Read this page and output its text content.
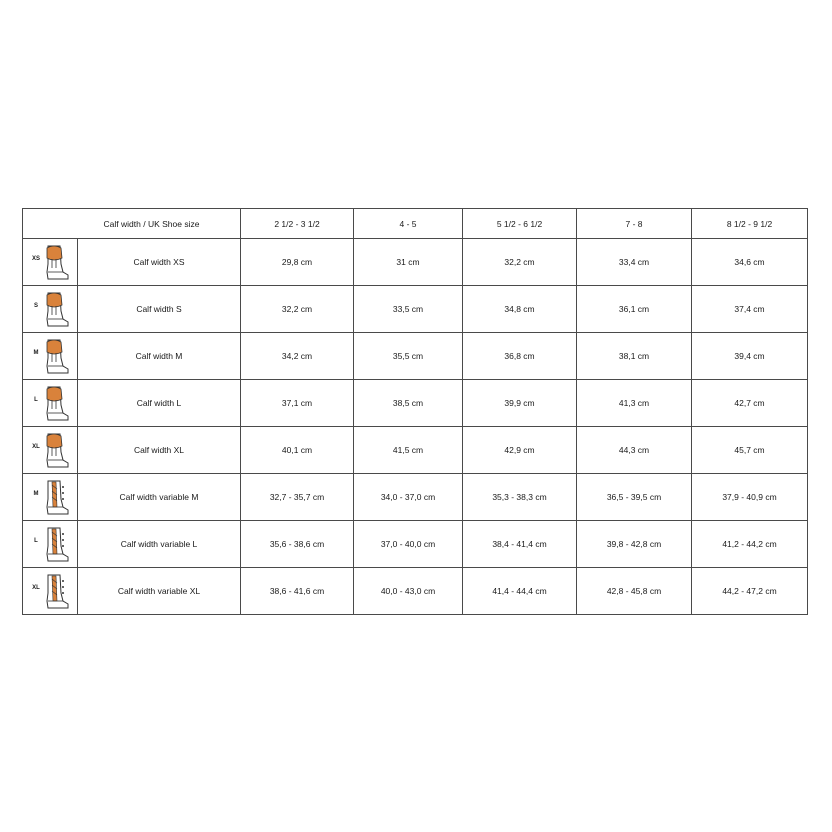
Calf width / UK Shoe size		2 1/2 - 3 1/2	4 - 5	5 1/2 - 6 1/2	7 - 8	8 1/2 - 9 1/2

XS	Calf width XS	29,8 cm	31 cm	32,2 cm	33,4 cm	34,6 cm

S	Calf width S	32,2 cm	33,5 cm	34,8 cm	36,1 cm	37,4 cm

M	Calf width M	34,2 cm	35,5 cm	36,8 cm	38,1 cm	39,4 cm

L	Calf width L	37,1 cm	38,5 cm	39,9 cm	41,3 cm	42,7 cm

XL	Calf width XL	40,1 cm	41,5 cm	42,9 cm	44,3 cm	45,7 cm

M	Calf width variable M	32,7 - 35,7 cm	34,0 - 37,0 cm	35,3 - 38,3 cm	36,5 - 39,5 cm	37,9 - 40,9 cm

L	Calf width variable L	35,6 - 38,6 cm	37,0 - 40,0 cm	38,4 - 41,4 cm	39,8 - 42,8 cm	41,2 - 44,2 cm

XL	Calf width variable XL	38,6 - 41,6 cm	40,0 - 43,0 cm	41,4 - 44,4 cm	42,8 - 45,8 cm	44,2 - 47,2 cm
